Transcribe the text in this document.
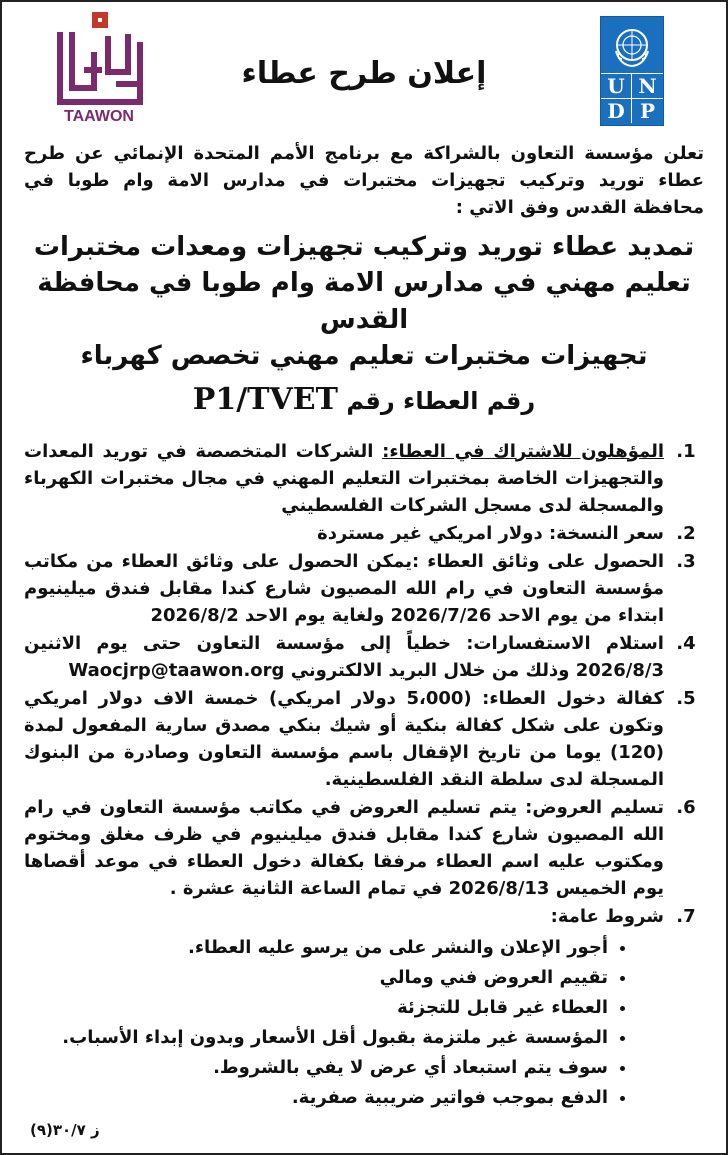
U N
D P
إعلان طرح عطاء
TAAWON

تعلن مؤسسة التعاون بالشراكة مع برنامج الأمم المتحدة الإنمائي عن طرح عطاء توريد وتركيب تجهيزات مختبرات في مدارس الامة وام طوبا في محافظة القدس وفق الاتي :

تمديد عطاء توريد وتركيب تجهيزات ومعدات مختبرات
تعليم مهني في مدارس الامة وام طوبا في محافظة القدس
تجهيزات مختبرات تعليم مهني تخصص كهرباء
رقم العطاء رقم P1/TVET
1. المؤهلون للاشتراك في العطاء: الشركات المتخصصة في توريد المعدات والتجهيزات الخاصة بمختبرات التعليم المهني في مجال مختبرات الكهرباء والمسجلة لدى مسجل الشركات الفلسطيني
2. سعر النسخة: دولار امريكي غير مستردة
3. الحصول على وثائق العطاء :يمكن الحصول على وثائق العطاء من مكاتب مؤسسة التعاون في رام الله المصيون شارع كندا مقابل فندق ميلينيوم ابتداء من يوم الاحد 2026/7/26 ولغاية يوم الاحد 2026/8/2
4. استلام الاستفسارات: خطياً إلى مؤسسة التعاون حتى يوم الاثنين 2026/8/3 وذلك من خلال البريد الالكتروني Waocjrp@taawon.org
5. كفالة دخول العطاء: (5،000 دولار امريكي) خمسة الاف دولار امريكي وتكون على شكل كفالة بنكية أو شيك بنكي مصدق سارية المفعول لمدة (120) يوما من تاريخ الإقفال باسم مؤسسة التعاون وصادرة من البنوك المسجلة لدى سلطة النقد الفلسطينية.
6. تسليم العروض: يتم تسليم العروض في مكاتب مؤسسة التعاون في رام الله المصيون شارع كندا مقابل فندق ميلينيوم في ظرف مغلق ومختوم ومكتوب عليه اسم العطاء مرفقا بكفالة دخول العطاء في موعد أقصاها يوم الخميس 2026/8/13 في تمام الساعة الثانية عشرة .
7. شروط عامة:
• أجور الإعلان والنشر على من يرسو عليه العطاء.
• تقييم العروض فني ومالي
• العطاء غير قابل للتجزئة
• المؤسسة غير ملتزمة بقبول أقل الأسعار وبدون إبداء الأسباب.
• سوف يتم استبعاد أي عرض لا يفي بالشروط.
• الدفع بموجب فواتير ضريبية صفرية.
ز ٣٠/٧(٩)
